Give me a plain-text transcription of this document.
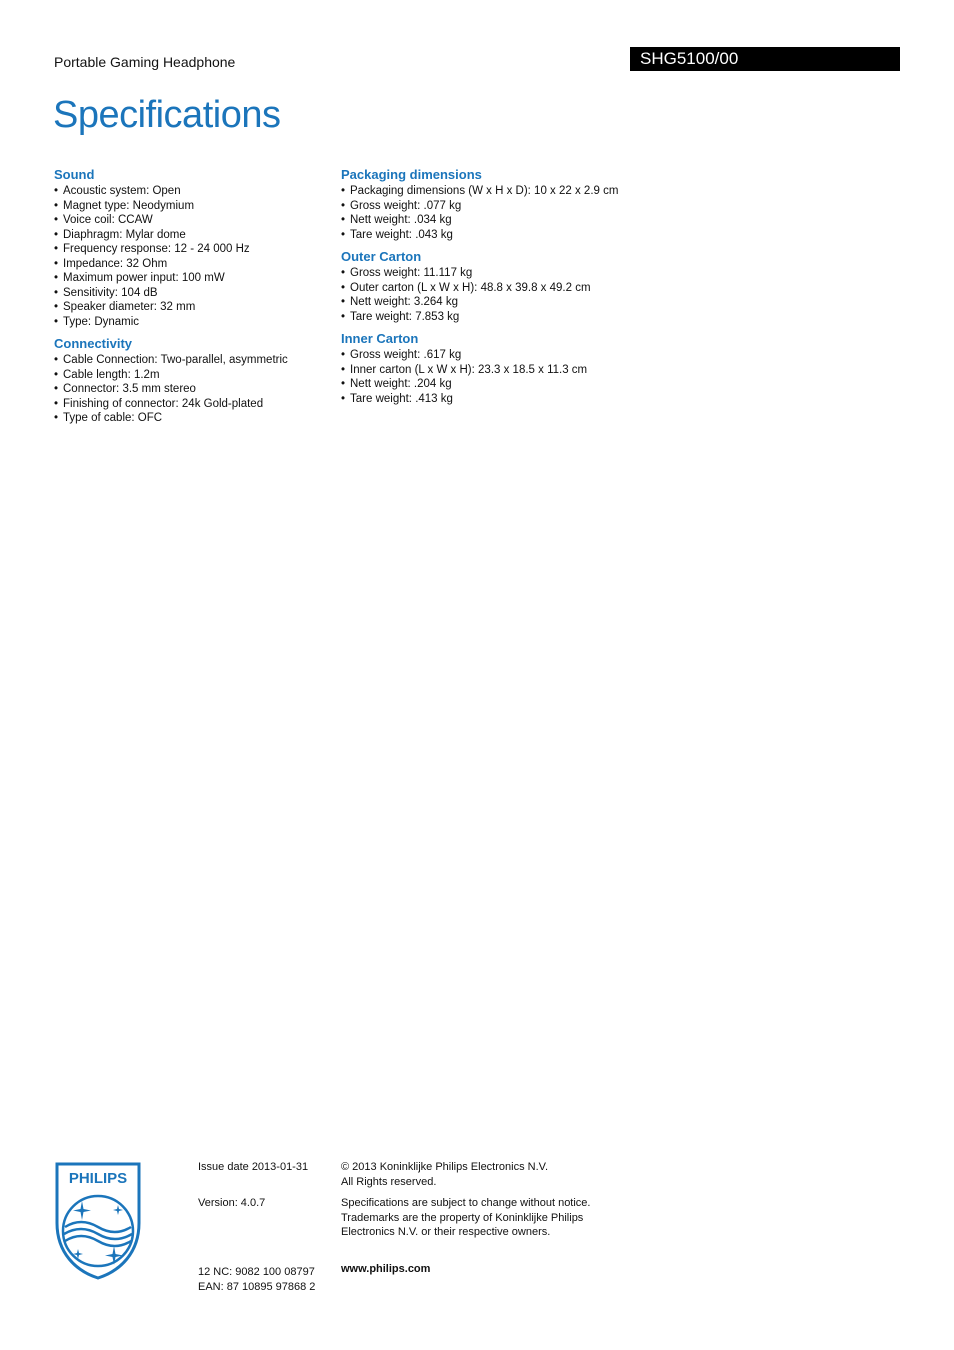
Portable Gaming Headphone	SHG5100/00
Specifications
Sound
• Acoustic system: Open
• Magnet type: Neodymium
• Voice coil: CCAW
• Diaphragm: Mylar dome
• Frequency response: 12 - 24 000 Hz
• Impedance: 32 Ohm
• Maximum power input: 100 mW
• Sensitivity: 104 dB
• Speaker diameter: 32 mm
• Type: Dynamic
Connectivity
• Cable Connection: Two-parallel, asymmetric
• Cable length: 1.2m
• Connector: 3.5 mm stereo
• Finishing of connector: 24k Gold-plated
• Type of cable: OFC
Packaging dimensions
• Packaging dimensions (W x H x D): 10 x 22 x 2.9 cm
• Gross weight: .077 kg
• Nett weight: .034 kg
• Tare weight: .043 kg
Outer Carton
• Gross weight: 11.117 kg
• Outer carton (L x W x H): 48.8 x 39.8 x 49.2 cm
• Nett weight: 3.264 kg
• Tare weight: 7.853 kg
Inner Carton
• Gross weight: .617 kg
• Inner carton (L x W x H): 23.3 x 18.5 x 11.3 cm
• Nett weight: .204 kg
• Tare weight: .413 kg
PHILIPS

Issue date 2013-01-31

Version: 4.0.7

12 NC: 9082 100 08797

EAN: 87 10895 97868 2

© 2013 Koninklijke Philips Electronics N.V.

All Rights reserved.

Specifications are subject to change without notice.

Trademarks are the property of Koninklijke Philips

Electronics N.V. or their respective owners.

www.philips.com
